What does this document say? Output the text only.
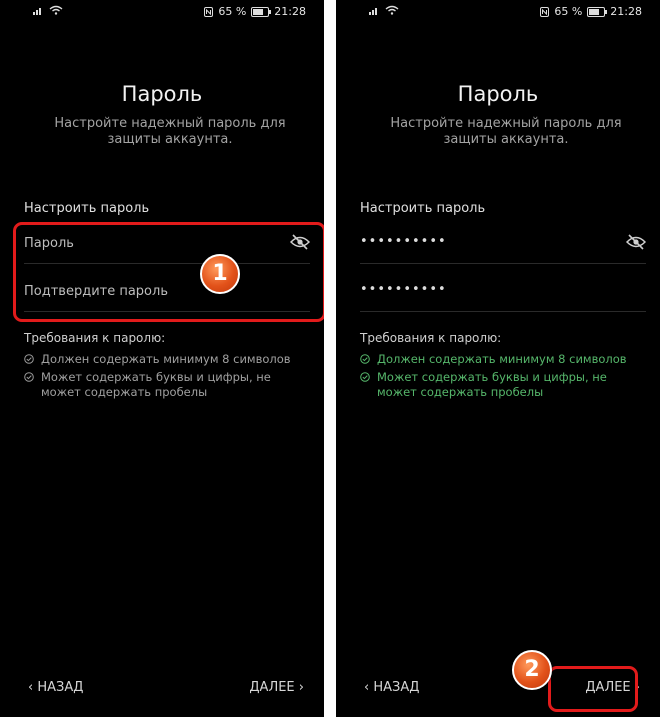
65 %	21:28
Пароль
Настройте надежный пароль для защиты аккаунта.
Настроить пароль
Пароль
Подтвердите пароль
Требования к паролю:
Должен содержать минимум 8 символов
Может содержать буквы и цифры, не может содержать пробелы
‹ НАЗАД	ДАЛЕЕ ›
1
65 %	21:28
Пароль
Настройте надежный пароль для защиты аккаунта.
Настроить пароль
••••••••••
••••••••••
Требования к паролю:
Должен содержать минимум 8 символов
Может содержать буквы и цифры, не может содержать пробелы
‹ НАЗАД	ДАЛЕЕ ›
2
